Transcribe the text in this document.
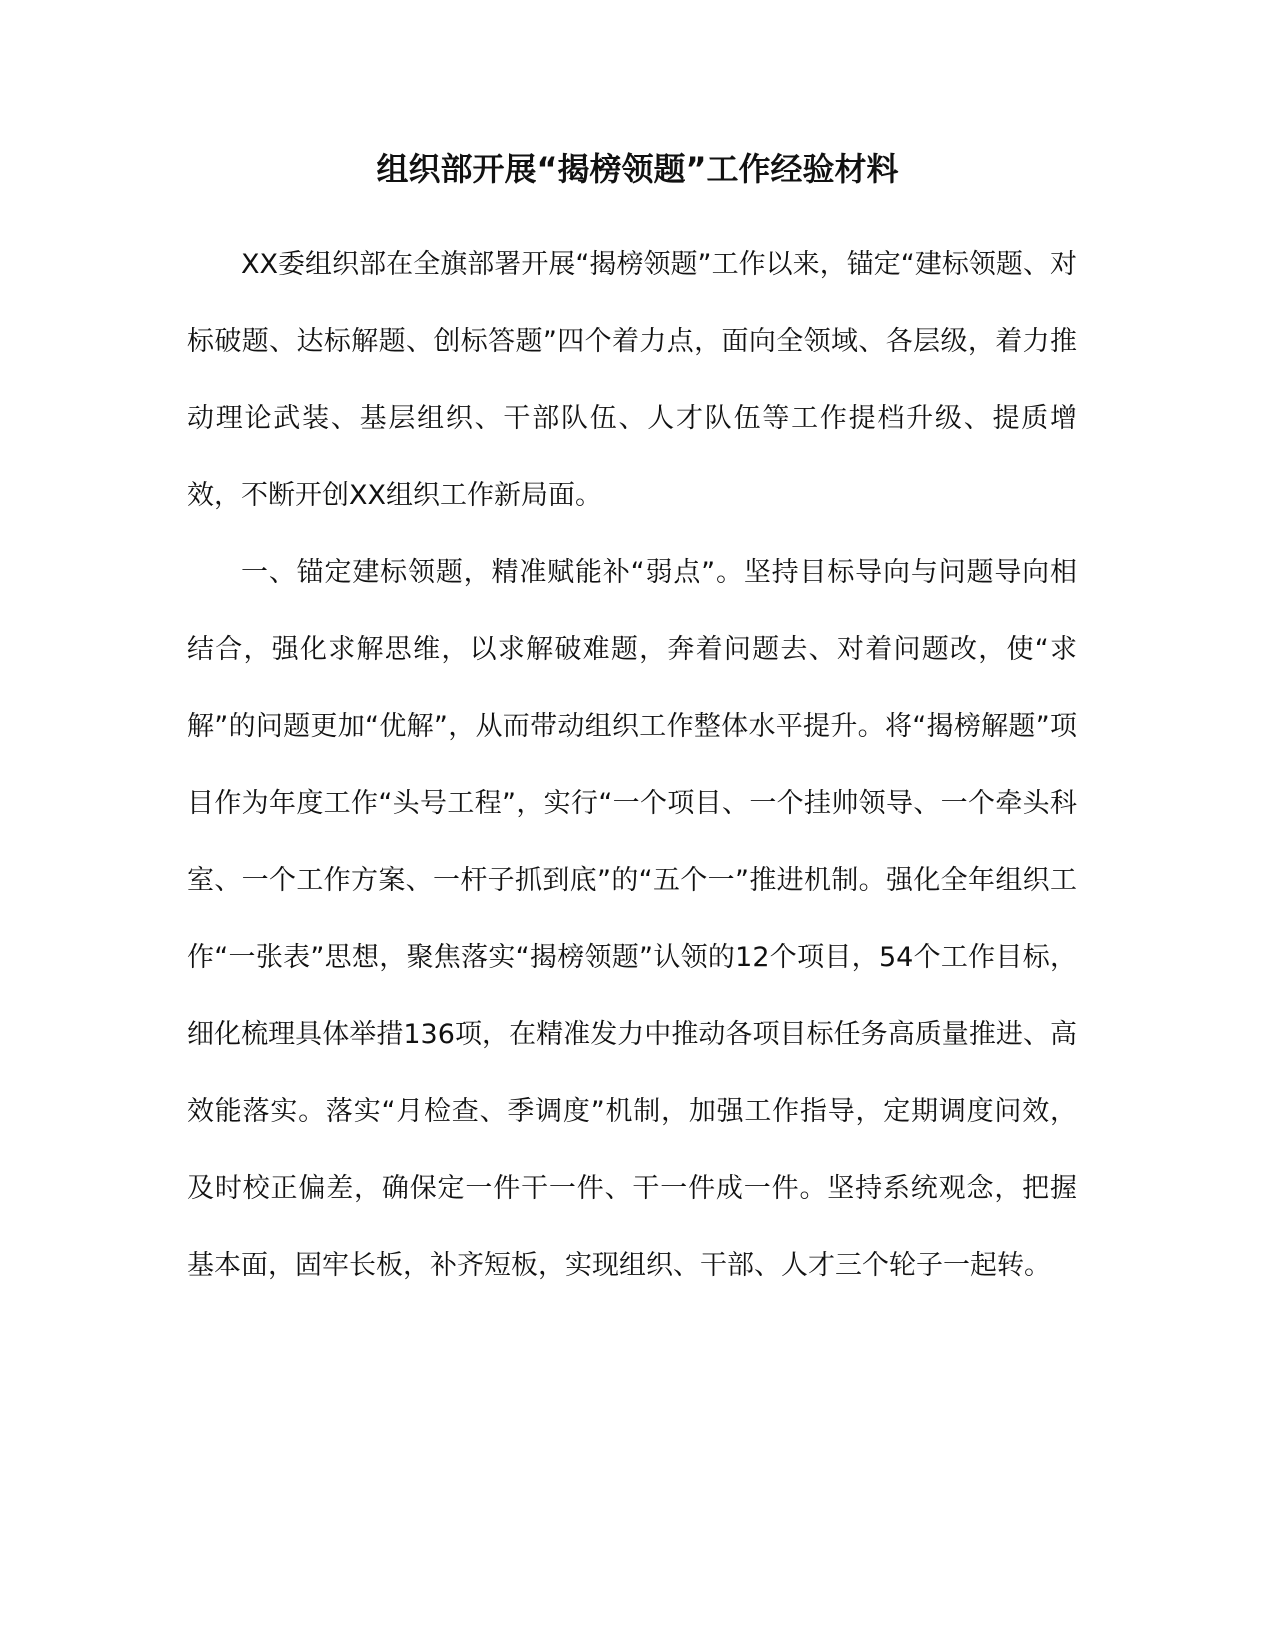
组织部开展“揭榜领题”工作经验材料

XX委组织部在全旗部署开展“揭榜领题”工作以来，锚定“建标领题、对标破题、达标解题、创标答题”四个着力点，面向全领域、各层级，着力推动理论武装、基层组织、干部队伍、人才队伍等工作提档升级、提质增效，不断开创XX组织工作新局面。

一、锚定建标领题，精准赋能补“弱点”。坚持目标导向与问题导向相结合，强化求解思维，以求解破难题，奔着问题去、对着问题改，使“求解”的问题更加“优解”，从而带动组织工作整体水平提升。将“揭榜解题”项目作为年度工作“头号工程”，实行“一个项目、一个挂帅领导、一个牵头科室、一个工作方案、一杆子抓到底”的“五个一”推进机制。强化全年组织工作“一张表”思想，聚焦落实“揭榜领题”认领的12个项目，54个工作目标，细化梳理具体举措136项，在精准发力中推动各项目标任务高质量推进、高效能落实。落实“月检查、季调度”机制，加强工作指导，定期调度问效，及时校正偏差，确保定一件干一件、干一件成一件。坚持系统观念，把握基本面，固牢长板，补齐短板，实现组织、干部、人才三个轮子一起转。
